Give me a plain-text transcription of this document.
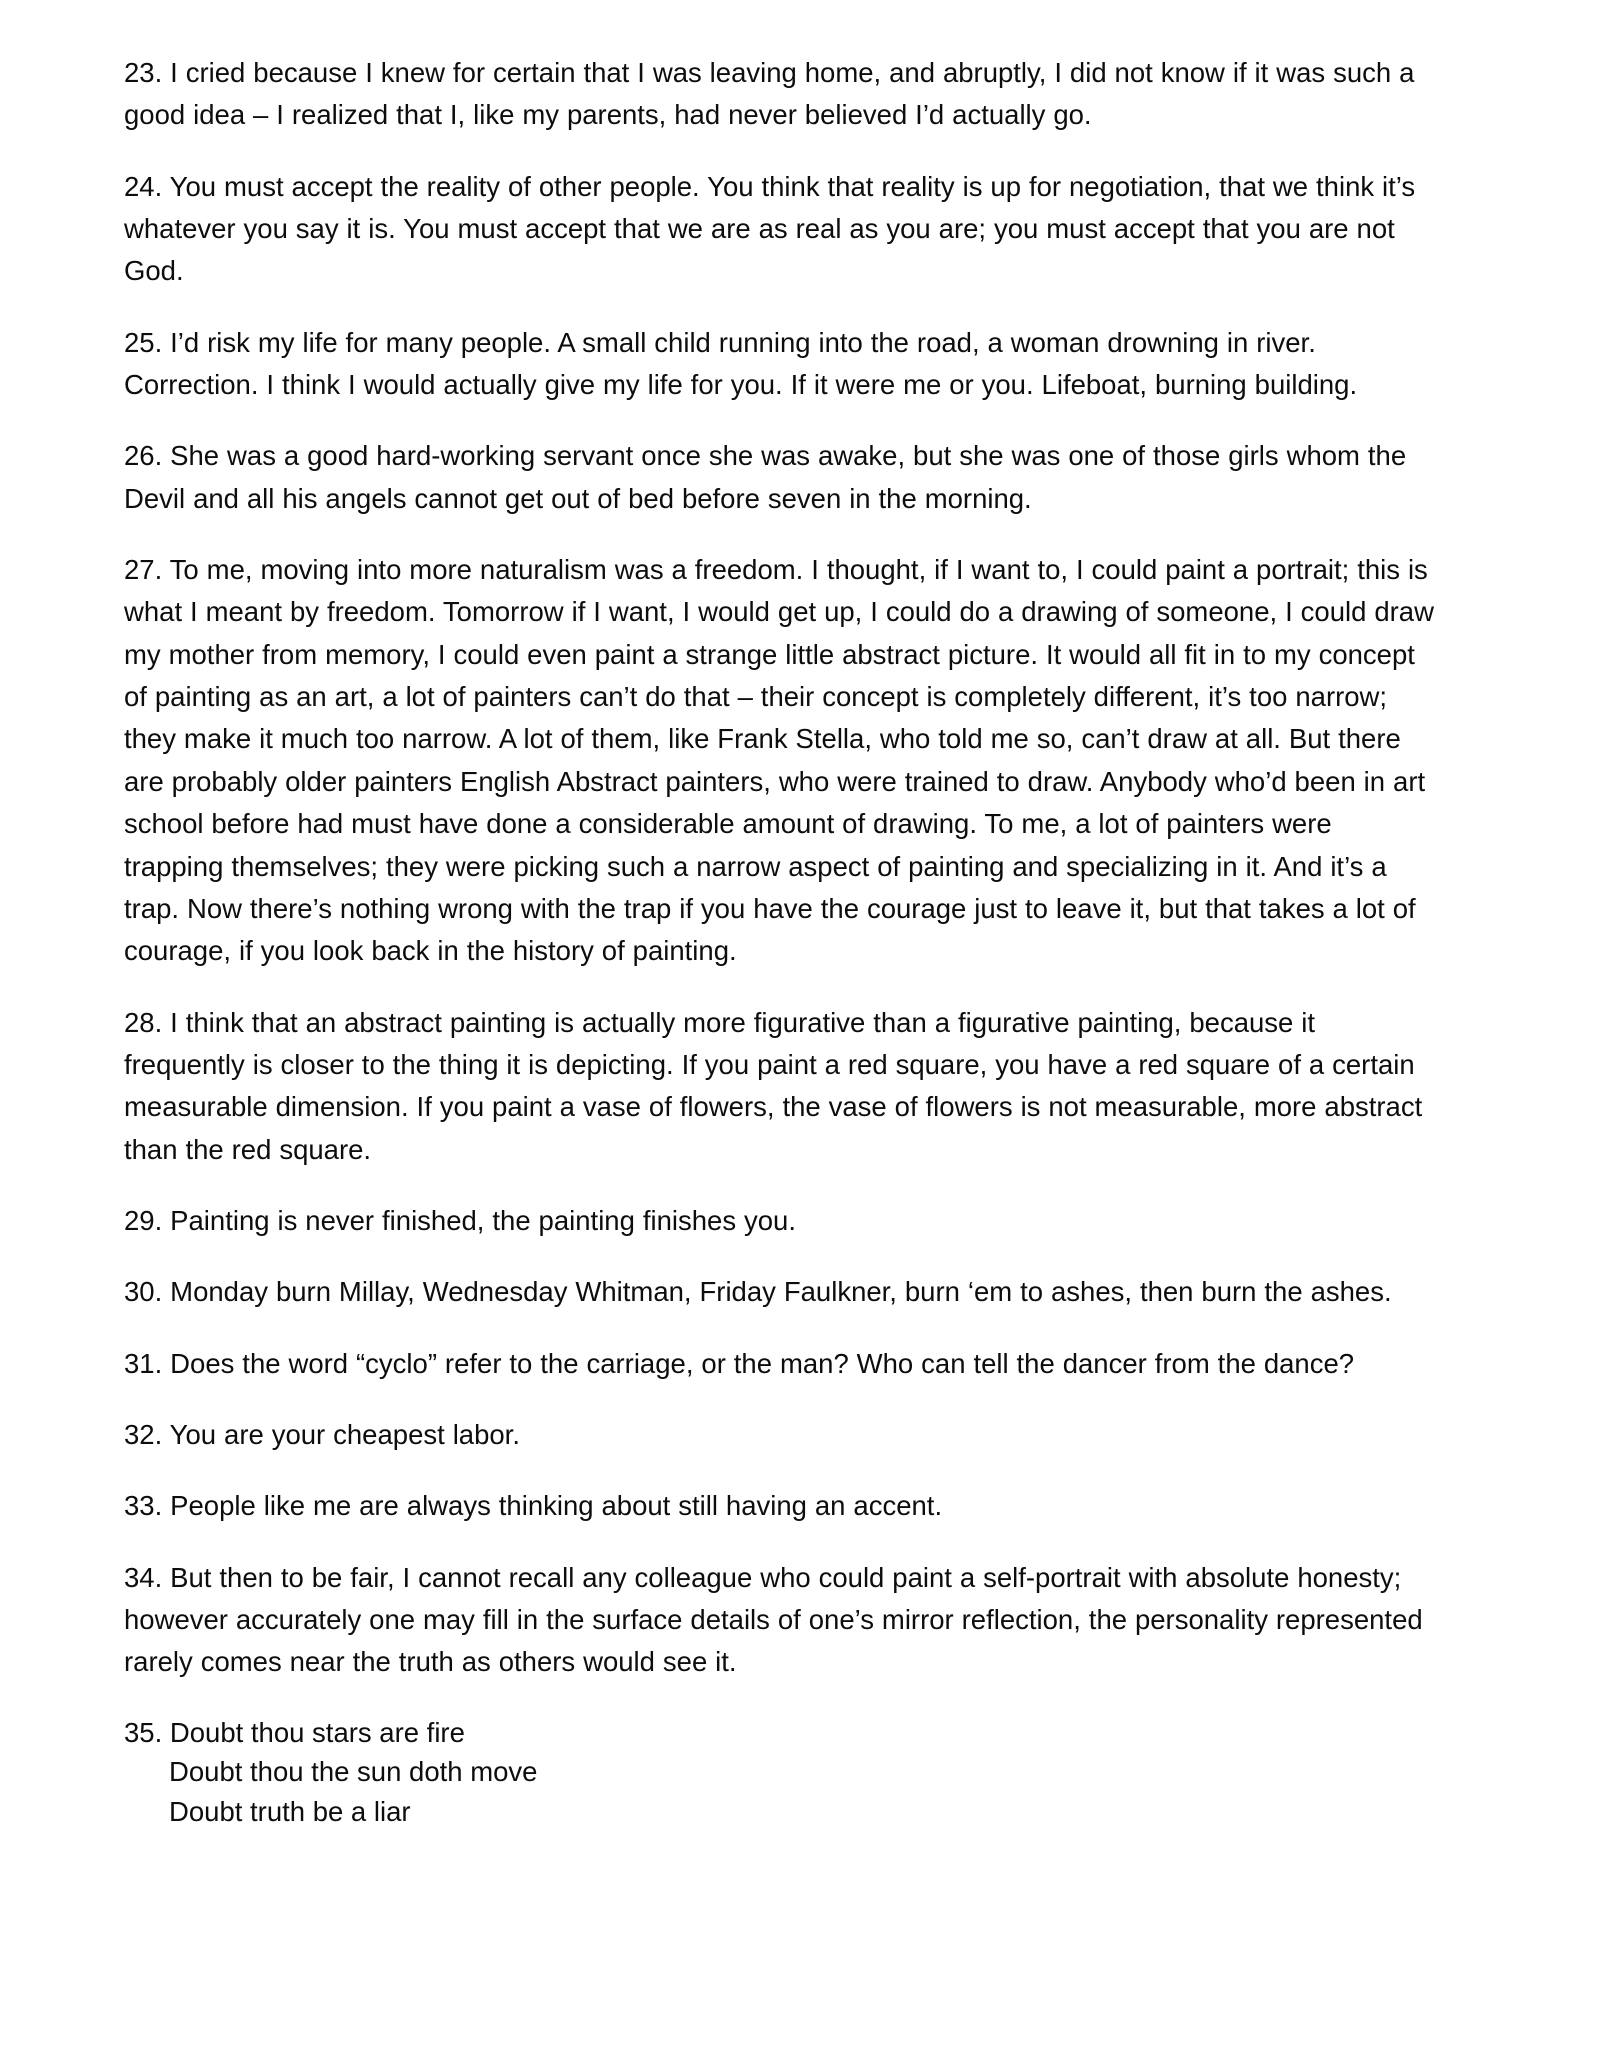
23. I cried because I knew for certain that I was leaving home, and abruptly, I did not know if it was such a good idea – I realized that I, like my parents, had never believed I’d actually go.

24. You must accept the reality of other people. You think that reality is up for negotiation, that we think it’s whatever you say it is. You must accept that we are as real as you are; you must accept that you are not God.

25. I’d risk my life for many people. A small child running into the road, a woman drowning in river. Correction. I think I would actually give my life for you. If it were me or you. Lifeboat, burning building.

26. She was a good hard-working servant once she was awake, but she was one of those girls whom the Devil and all his angels cannot get out of bed before seven in the morning.

27. To me, moving into more naturalism was a freedom. I thought, if I want to, I could paint a portrait; this is what I meant by freedom. Tomorrow if I want, I would get up, I could do a drawing of someone, I could draw my mother from memory, I could even paint a strange little abstract picture. It would all fit in to my concept of painting as an art, a lot of painters can’t do that – their concept is completely different, it’s too narrow; they make it much too narrow. A lot of them, like Frank Stella, who told me so, can’t draw at all. But there are probably older painters English Abstract painters, who were trained to draw. Anybody who’d been in art school before had must have done a considerable amount of drawing. To me, a lot of painters were trapping themselves; they were picking such a narrow aspect of painting and specializing in it. And it’s a trap. Now there’s nothing wrong with the trap if you have the courage just to leave it, but that takes a lot of courage, if you look back in the history of painting.

28. I think that an abstract painting is actually more figurative than a figurative painting, because it frequently is closer to the thing it is depicting. If you paint a red square, you have a red square of a certain measurable dimension. If you paint a vase of flowers, the vase of flowers is not measurable, more abstract than the red square.

29. Painting is never finished, the painting finishes you.

30. Monday burn Millay, Wednesday Whitman, Friday Faulkner, burn ‘em to ashes, then burn the ashes.

31. Does the word “cyclo” refer to the carriage, or the man? Who can tell the dancer from the dance?

32. You are your cheapest labor.

33. People like me are always thinking about still having an accent.

34. But then to be fair, I cannot recall any colleague who could paint a self-portrait with absolute honesty; however accurately one may fill in the surface details of one’s mirror reflection, the personality represented rarely comes near the truth as others would see it.

35. Doubt thou stars are fire
Doubt thou the sun doth move
Doubt truth be a liar
